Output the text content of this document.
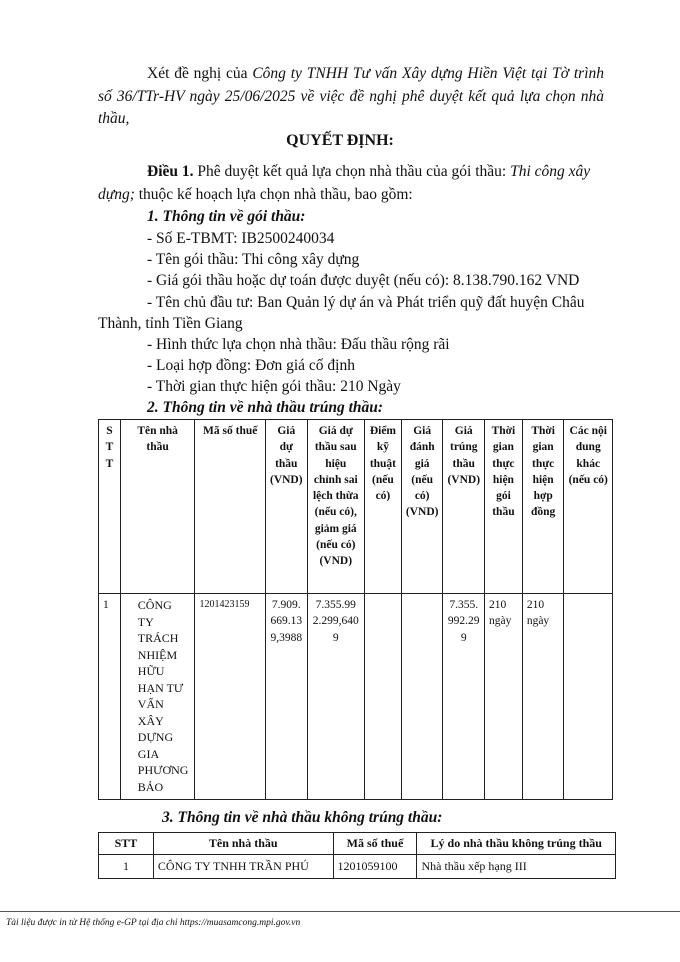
Xét đề nghị của Công ty TNHH Tư vấn Xây dựng Hiền Việt tại Tờ trình số 36/TTr-HV ngày 25/06/2025 về việc đề nghị phê duyệt kết quả lựa chọn nhà thầu,

QUYẾT ĐỊNH:

Điều 1. Phê duyệt kết quả lựa chọn nhà thầu của gói thầu: Thi công xây dựng; thuộc kế hoạch lựa chọn nhà thầu, bao gồm:

1. Thông tin về gói thầu:
- Số E-TBMT: IB2500240034
- Tên gói thầu: Thi công xây dựng
- Giá gói thầu hoặc dự toán được duyệt (nếu có): 8.138.790.162 VND
- Tên chủ đầu tư: Ban Quản lý dự án và Phát triển quỹ đất huyện Châu
Thành, tỉnh Tiền Giang
- Hình thức lựa chọn nhà thầu: Đấu thầu rộng rãi
- Loại hợp đồng: Đơn giá cố định
- Thời gian thực hiện gói thầu: 210 Ngày
2. Thông tin về nhà thầu trúng thầu:
STT	Tên nhà thầu	Mã số thuế	Giá dự thầu (VND)	Giá dự thầu sau hiệu chỉnh sai lệch thừa (nếu có), giảm giá (nếu có) (VND)	Điểm kỹ thuật (nếu có)	Giá đánh giá (nếu có) (VND)	Giá trúng thầu (VND)	Thời gian thực hiện gói thầu	Thời gian thực hiện hợp đồng	Các nội dung khác (nếu có)
1	CÔNG TY TRÁCH NHIỆM HỮU HẠN TƯ VẤN XÂY DỰNG GIA PHƯƠNG BẢO	1201423159	7.909.669.139,3988	7.355.992.299,6409			7.355.992.299	210 ngày	210 ngày	
3. Thông tin về nhà thầu không trúng thầu:
STT	Tên nhà thầu	Mã số thuế	Lý do nhà thầu không trúng thầu
1	CÔNG TY TNHH TRẦN PHÚ	1201059100	Nhà thầu xếp hạng III
Tài liệu được in từ Hệ thống e-GP tại địa chỉ https://muasamcong.mpi.gov.vn
